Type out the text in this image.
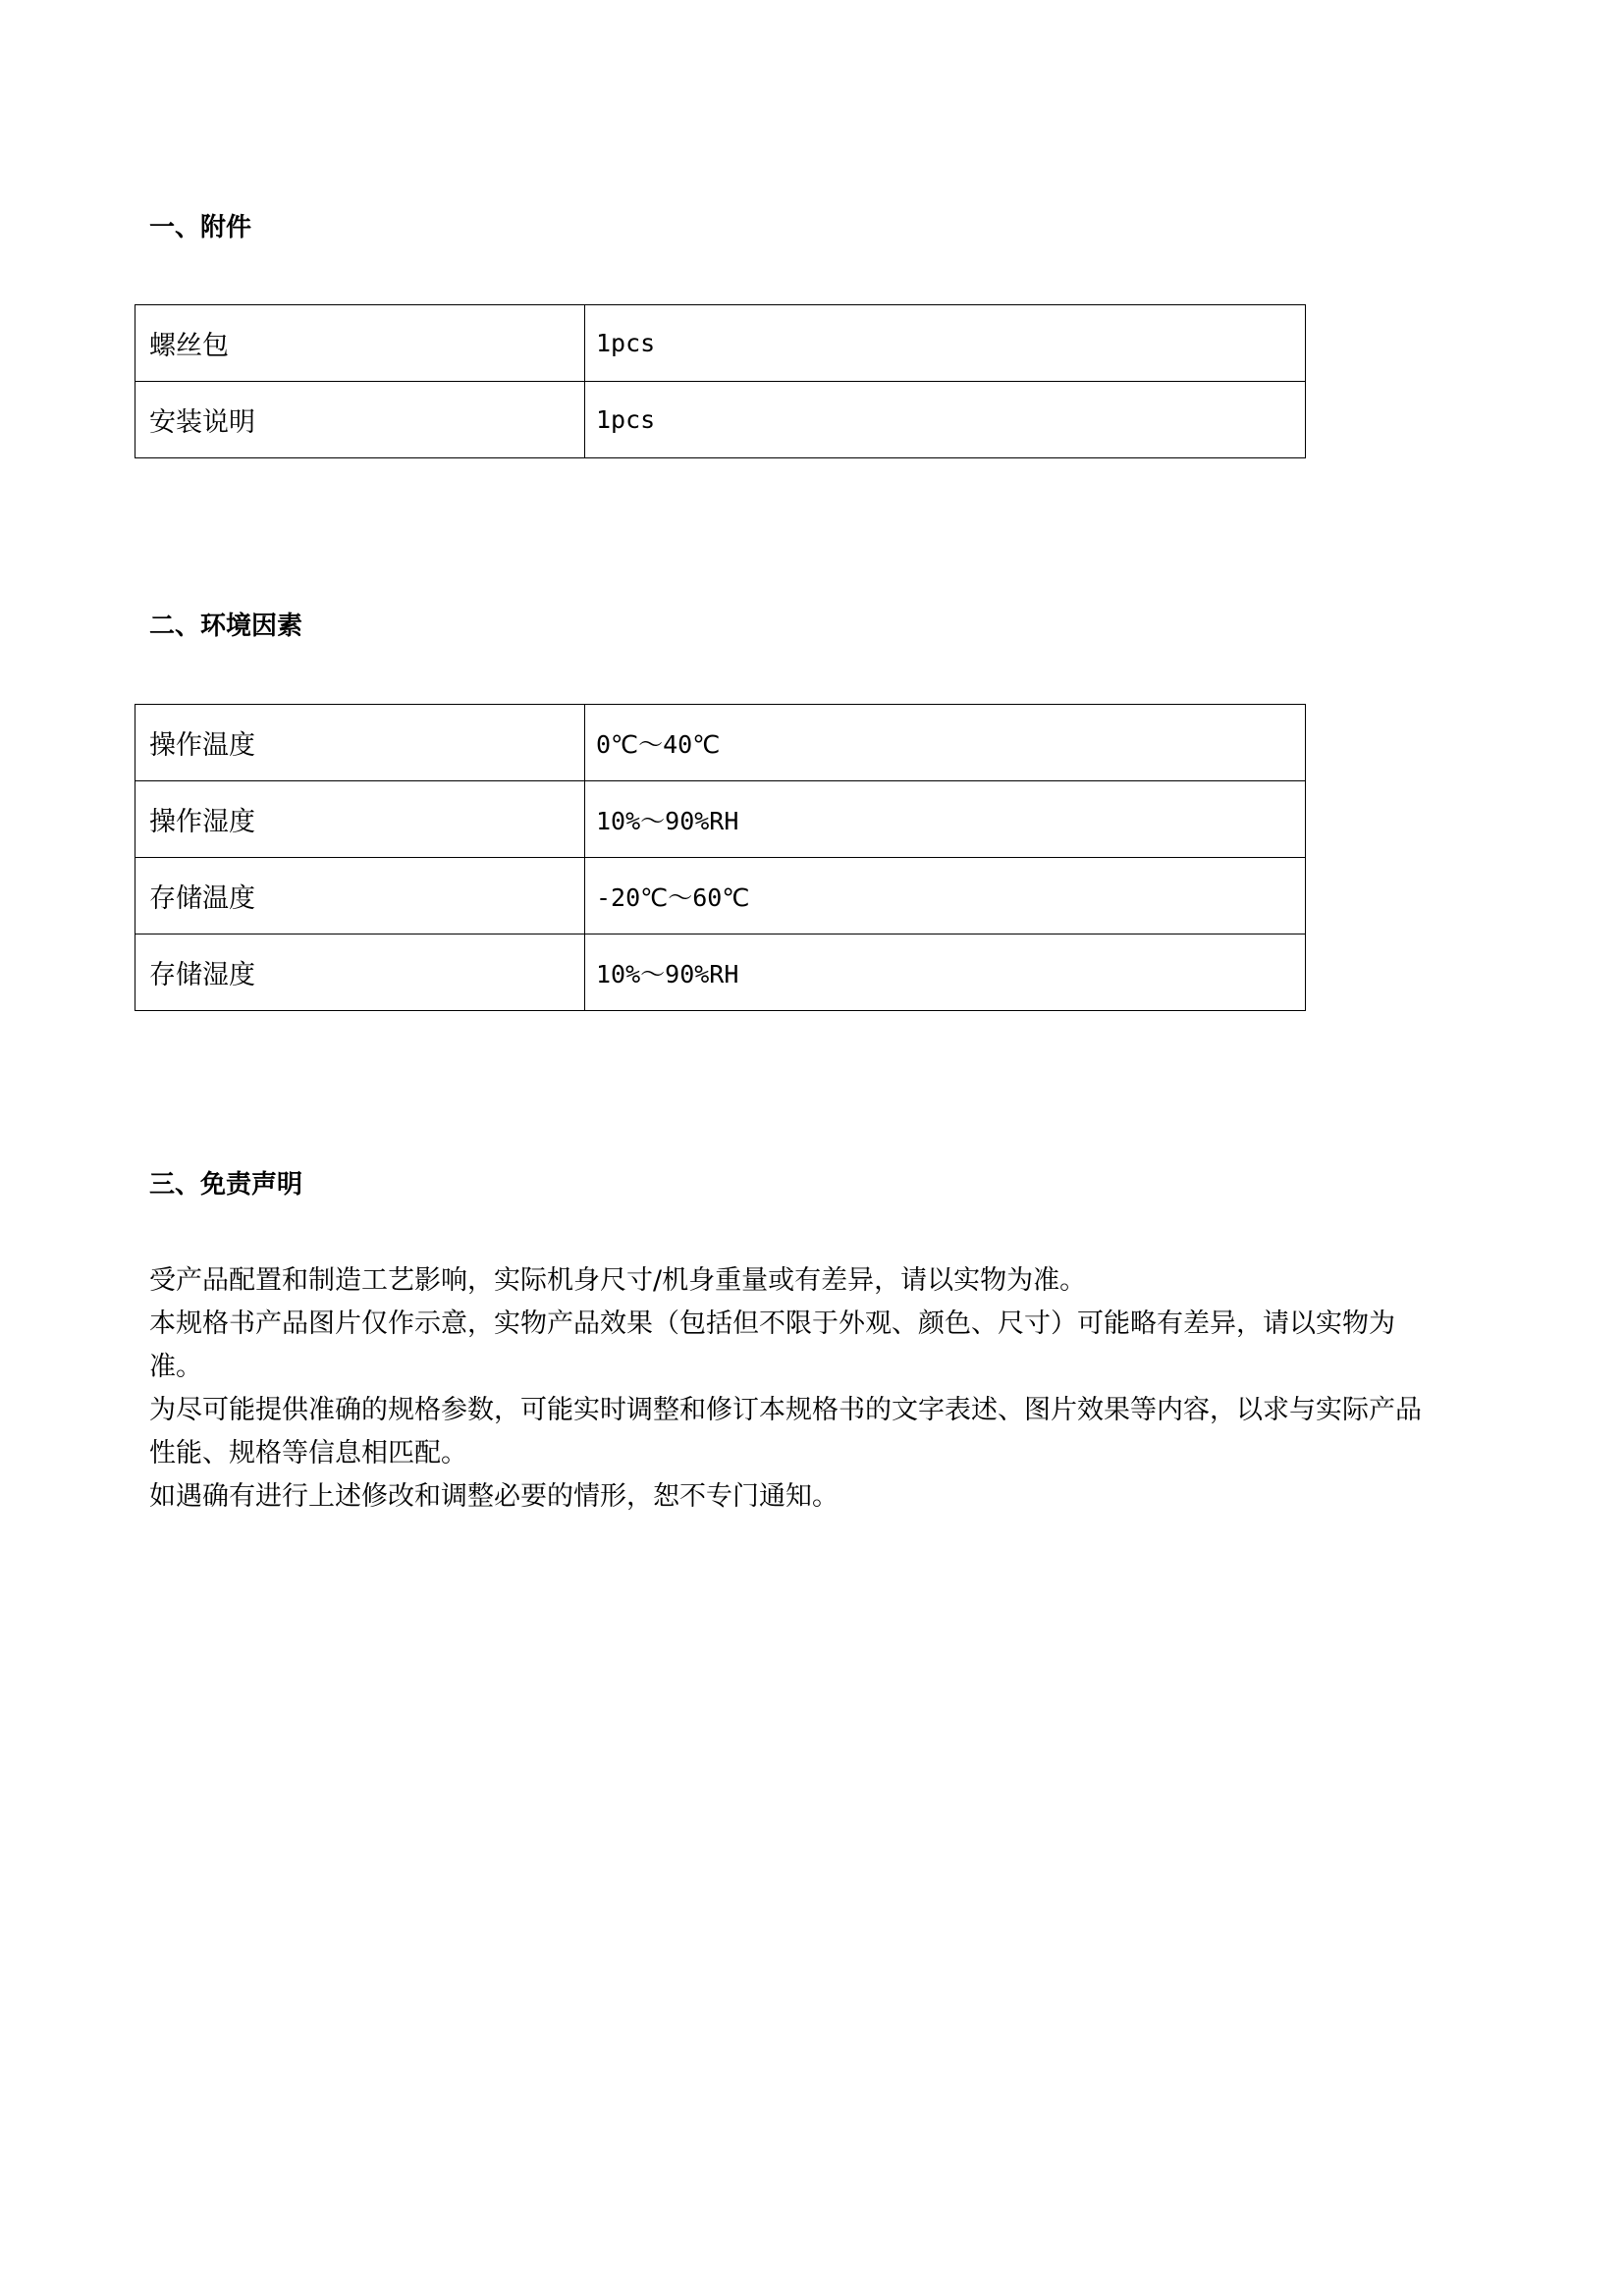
一、附件
螺丝包	1pcs
安装说明	1pcs
二、环境因素
操作温度	0℃～40℃
操作湿度	10%～90%RH
存储温度	-20℃～60℃
存储湿度	10%～90%RH
三、免责声明

受产品配置和制造工艺影响，实际机身尺寸/机身重量或有差异，请以实物为准。

本规格书产品图片仅作示意，实物产品效果（包括但不限于外观、颜色、尺寸）可能略有差异，请以实物为准。

为尽可能提供准确的规格参数，可能实时调整和修订本规格书的文字表述、图片效果等内容，以求与实际产品性能、规格等信息相匹配。

如遇确有进行上述修改和调整必要的情形，恕不专门通知。
